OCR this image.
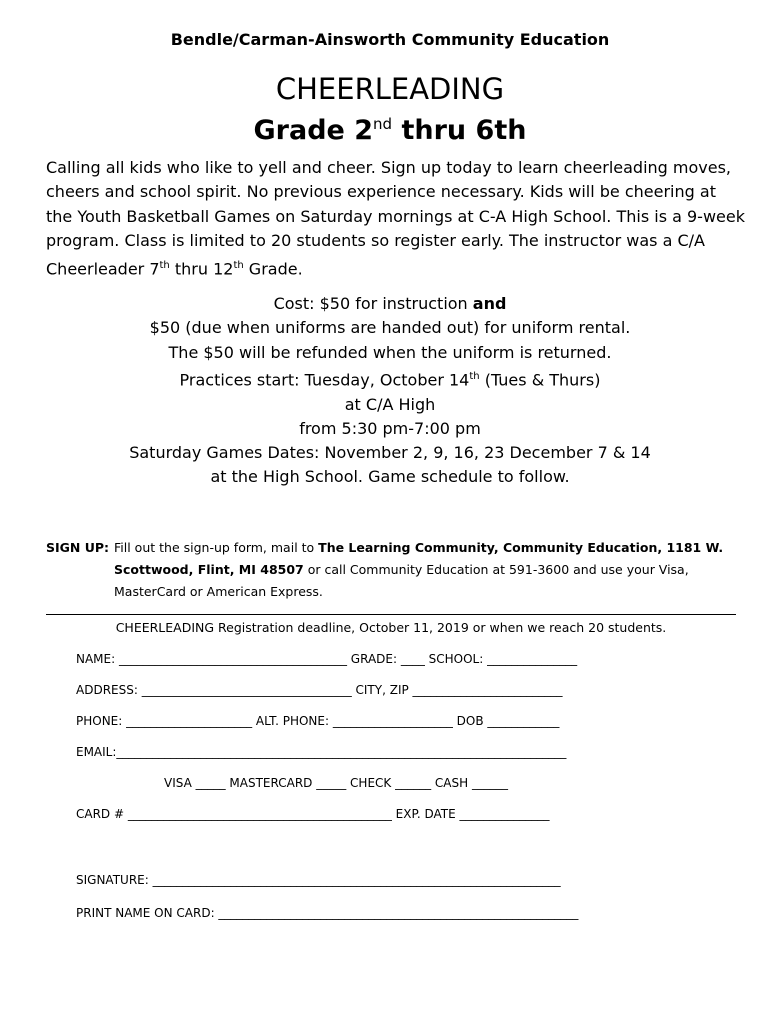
Bendle/Carman-Ainsworth Community Education
CHEERLEADING
Grade 2nd thru 6th
Calling all kids who like to yell and cheer. Sign up today to learn cheerleading moves, cheers and school spirit. No previous experience necessary. Kids will be cheering at the Youth Basketball Games on Saturday mornings at C-A High School. This is a 9-week program. Class is limited to 20 students so register early. The instructor was a C/A Cheerleader 7th thru 12th Grade.
Cost: $50 for instruction and
$50 (due when uniforms are handed out) for uniform rental.
The $50 will be refunded when the uniform is returned.
Practices start: Tuesday, October 14th (Tues & Thurs)
at C/A High
from 5:30 pm-7:00 pm
Saturday Games Dates: November 2, 9, 16, 23 December 7 & 14
at the High School. Game schedule to follow.
SIGN UP: Fill out the sign-up form, mail to The Learning Community, Community Education, 1181 W. Scottwood, Flint, MI 48507 or call Community Education at 591-3600 and use your Visa, MasterCard or American Express.
CHEERLEADING Registration deadline, October 11, 2019 or when we reach 20 students.
NAME: ______________________________________ GRADE: ____ SCHOOL: _______________
ADDRESS: ___________________________________ CITY, ZIP _________________________
PHONE: _____________________ ALT. PHONE: ____________________ DOB ____________
EMAIL:___________________________________________________________________________
VISA _____ MASTERCARD _____ CHECK ______ CASH ______
CARD # ____________________________________________ EXP. DATE _______________
SIGNATURE: ____________________________________________________________________
PRINT NAME ON CARD: ____________________________________________________________
